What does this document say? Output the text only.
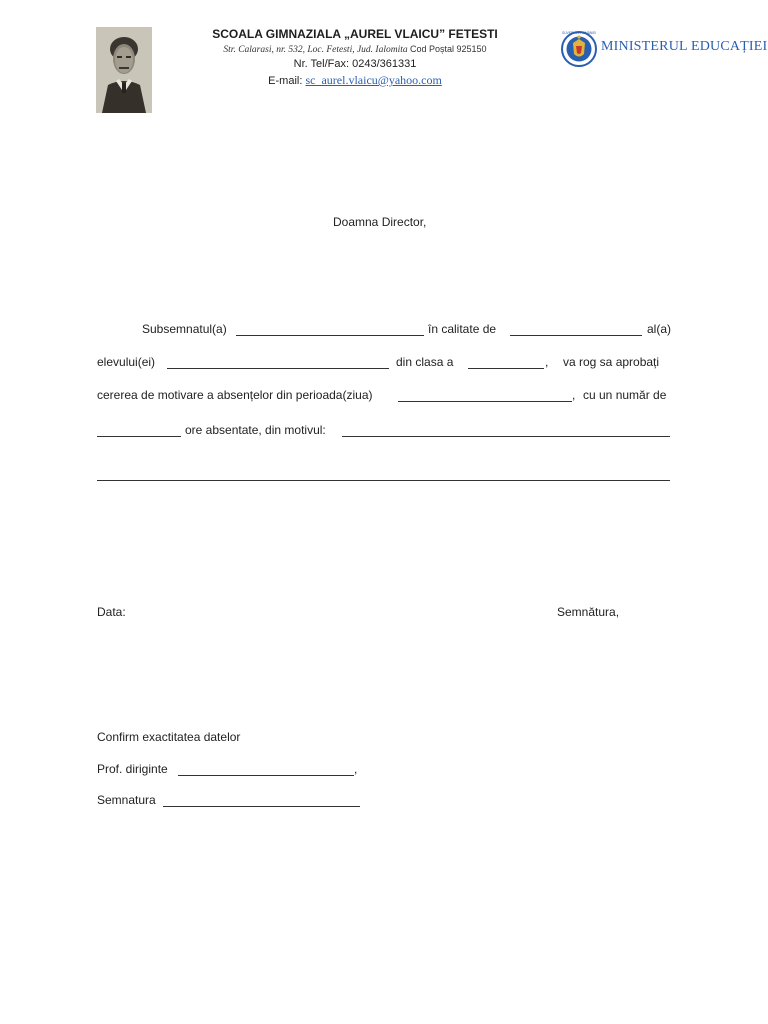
SCOALA GIMNAZIALA „AUREL VLAICU” FETESTI
Str. Calarasi, nr. 532, Loc. Fetesti, Jud. Ialomita Cod Poștal 925150
Nr. Tel/Fax: 0243/361331
E-mail: sc_aurel.vlaicu@yahoo.com
GUVERNUL ROMÂNIEI
MINISTERUL EDUCAȚIEI
Doamna Director,
Subsemnatul(a)	în calitate de	al(a)
elevului(ei)	din clasa a	, va rog sa aprobați
cererea de motivare a absențelor din perioada(ziua)	, cu un număr de
ore absentate, din motivul:
Data:	Semnătura,
Confirm exactitatea datelor
Prof. diriginte	,
Semnatura
